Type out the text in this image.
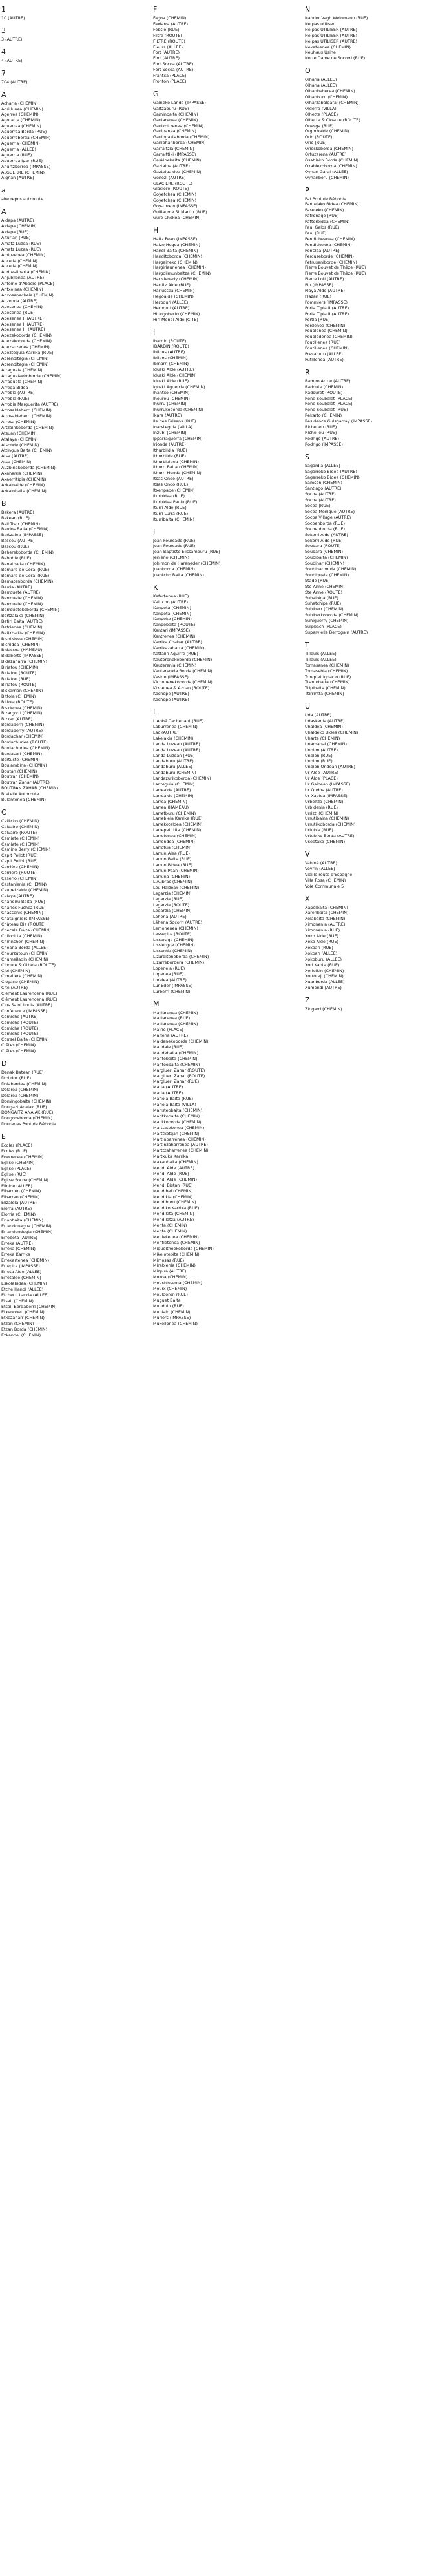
1
10 (AUTRE)
3
3 (AUTRE)
4
4 (AUTRE)
7
704 (AUTRE)
A
Acharia (CHEMIN)
Adrillunea (CHEMIN)
Agerrea (CHEMIN)
Agoratte (CHEMIN)
Aguerrea (CHEMIN)
Aguerrea Borda (RUE)
Aguerreborda (CHEMIN)
Aguerria (CHEMIN)
Aguerria (ALLEE)
Aguerria (RUE)
Aguerrea Ipar (RUE)
Ahurtzberrea (IMPASSE)
ALGUERRE (CHEMIN)
Aignan (AUTRE)
a
aire repos autoroute
A
Aldapa (AUTRE)
Aldapa (CHEMIN)
Aldapa (RUE)
Alturian (RUE)
Amatz Luzea (RUE)
Amatz Luzea (RUE)
Aminzenea (CHEMIN)
Ancelia (CHEMIN)
Ancelia (CHEMIN)
Andrestibarta (CHEMIN)
Anjubilenea (AUTRE)
Antoine d'Abadie (PLACE)
Antxoinea (CHEMIN)
Anxosenecheia (CHEMIN)
Anzonda (AUTRE)
Apesenea (CHEMIN)
Apesenea (RUE)
Apesenea II (AUTRE)
Apesenea II (AUTRE)
Apesenea III (AUTRE)
Apezekoborda (CHEMIN)
Apezekoborda (CHEMIN)
Apezsuzenea (CHEMIN)
Apezteguia Karrika (RUE)
Aprenditegia (CHEMIN)
Aprenditegia (CHEMIN)
Arraguela (CHEMIN)
Arraguelaekoborda (CHEMIN)
Arraguela (CHEMIN)
Arrega Bidea
Arrobia (AUTRE)
Arrobia (RUE)
Arrobia Marguerita (AUTRE)
Arrosaldeberri (CHEMIN)
Arrosaldeberri (CHEMIN)
Arrosa (CHEMIN)
Artzainkoborda (CHEMIN)
Atsuan (CHEMIN)
Atalaya (CHEMIN)
Atsonde (CHEMIN)
Attingua Baita (CHEMIN)
Atsa (AUTRE)
Atsa (CHEMIN)
Auzbinekoborda (CHEMIN)
Axaharria (CHEMIN)
Axaerritipia (CHEMIN)
Azkainalde (CHEMIN)
Azkainbaita (CHEMIN)
B
Bakera (AUTRE)
Bakean (RUE)
Ball Trap (CHEMIN)
Bardos Baita (CHEMIN)
Bartzalea (IMPASSE)
Bascou (AUTRE)
Bascou (RUE)
Beherekoborda (CHEMIN)
Behobie (RUE)
Benatbaita (CHEMIN)
Bernard de Coral (RUE)
Bernard de Coral (RUE)
Bernatenborda (CHEMIN)
Berria (AUTRE)
Berrouete (AUTRE)
Berrouete (CHEMIN)
Berrouete (CHEMIN)
Berrouetekoborda (CHEMIN)
Bertzalaka (CHEMIN)
Betiri Baita (AUTRE)
Betrienea (CHEMIN)
Bettrbaitta (CHEMIN)
Bichikidea (CHEMIN)
Bichidea (CHEMIN)
Bidassoa (HAMEAU)
Bidaberts (IMPASSE)
Bidezaharra (CHEMIN)
Biriatou (CHEMIN)
Biriatou (ROUTE)
Biriatou (RUE)
Biriatou (ROUTE)
Biskarrian (CHEMIN)
Bittola (CHEMIN)
Bittola (ROUTE)
Biskienea (CHEMIN)
Bizargorri (CHEMIN)
Bizkar (AUTRE)
Bordaberri (CHEMIN)
Bordaberry (AUTRE)
Bordachar (CHEMIN)
Bordachuriea (ROUTE)
Bordachuriea (CHEMIN)
Bordasuri (CHEMIN)
Bortuste (CHEMIN)
Boulambina (CHEMIN)
Boutan (CHEMIN)
Boutran (CHEMIN)
Boutran Zahar (AUTRE)
BOUTRAN ZAHAR (CHEMIN)
Bretelle Autoroute
Bulantenea (CHEMIN)
C
Calitcho (CHEMIN)
Calvaire (CHEMIN)
Calvaire (ROUTE)
Camiete (CHEMIN)
Camiete (CHEMIN)
Camino Berry (CHEMIN)
Capit Pellot (RUE)
Capit Pellot (RUE)
Carrière (CHEMIN)
Carrière (ROUTE)
Caserio (CHEMIN)
Castanienia (CHEMIN)
Caubetzalde (CHEMIN)
Celaya (AUTRE)
Chandiru Baita (RUE)
Charles Fuchez (RUE)
Chassenic (CHEMIN)
Châtaigniers (IMPASSE)
Château Dia (ROUTE)
Checale Baita (CHEMIN)
Chiloditta (CHEMIN)
Chirinchen (CHEMIN)
Choana Borda (ALLEE)
Chourzutoun (CHEMIN)
Chumeiladin (CHEMIN)
Ciboure & Othela (ROUTE)
Cibi (CHEMIN)
Cimetière (CHEMIN)
Cioyane (CHEMIN)
Cité (AUTRE)
Clément Laurencena (RUE)
Clément Laurencena (RUE)
Clos Saint Louis (AUTRE)
Conference (IMPASSE)
Corniche (AUTRE)
Corniche (ROUTE)
Corniche (ROUTE)
Corniche (ROUTE)
Corrsel Baita (CHEMIN)
Crêtes (CHEMIN)
Crêtes (CHEMIN)
D
Denak Batean (RUE)
Dibildox (RUE)
Dolaberriea (CHEMIN)
Dolarea (CHEMIN)
Dolarea (CHEMIN)
Domingobaita (CHEMIN)
Dongazt Anaiak (RUE)
DONGAITZ ANAIAK (RUE)
Dongoxeborda (CHEMIN)
Dourenes Pont de Béhobie
E
Ecoles (PLACE)
Ecoles (RUE)
Ederrenea (CHEMIN)
Eglise (CHEMIN)
Eglise (PLACE)
Eglise (RUE)
Eglise Socoa (CHEMIN)
Eliolde (ALLEE)
Elbarrien (CHEMIN)
Elbarren (CHEMIN)
Elizaldia (AUTRE)
Elorra (AUTRE)
Elorria (CHEMIN)
Erlonbaita (CHEMIN)
Errandonagua (CHEMIN)
Errandondegia (CHEMIN)
Errebeta (AUTRE)
Erreka (AUTRE)
Erreka (CHEMIN)
Erreka Karrika
Errekartenea (CHEMIN)
Errepira (IMPASSE)
Errota Alde (ALLEE)
Errotalde (CHEMIN)
Eskolabidea (CHEMIN)
Etche Handi (ALLEE)
Etcheco Landa (ALLEE)
Etsail (CHEMIN)
Etsail Bordaberri (CHEMIN)
Etxenobeti (CHEMIN)
Etxezaharr (CHEMIN)
Etzan (CHEMIN)
Etzan Borda (CHEMIN)
Ezkandel (CHEMIN)
F
Fagoa (CHEMIN)
Faxiarra (AUTRE)
Febsjo (RUE)
Filtre (ROUTE)
FILTRE (ROUTE)
Fleurs (ALLEE)
Fort (AUTRE)
Fort (AUTRE)
Fort Socoa (AUTRE)
Fort Socoa (AUTRE)
Frantxa (PLACE)
Fronton (PLACE)
G
Gaineko Landa (IMPASSE)
Galtzaburu (RUE)
Gaminbaita (CHEMIN)
Ganiarenea (CHEMIN)
Ganikoitzenea (CHEMIN)
Ganioanea (CHEMIN)
Ganiogaztaborda (CHEMIN)
Ganiohanborda (CHEMIN)
Garraitzia (CHEMIN)
Garraittiki (IMPASSE)
Gaskinebaita (CHEMIN)
Gaztaina (AUTRE)
Gaztelualdea (CHEMIN)
Genezi (AUTRE)
GLACIERE (ROUTE)
Glaciere (ROUTE)
Goyetchea (CHEMIN)
Goyetchea (CHEMIN)
Goy-Urrein (IMPASSE)
Guillaume St Martin (RUE)
Gure Chokoa (CHEMIN)
H
Haitz Pean (IMPASSE)
Haize Hegoa (CHEMIN)
Handi Baita (CHEMIN)
Handitoborda (CHEMIN)
Hargaineko (CHEMIN)
Hargiriaunenea (CHEMIN)
Hargoiimunbeltza (CHEMIN)
Harisienedy (CHEMIN)
Harritz Alde (RUE)
Harlussea (CHEMIN)
Hegoalde (CHEMIN)
Herbouri (ALLEE)
Herbouri (AUTRE)
Hiriogoberto (CHEMIN)
Hiri Mendi Alde (CITE)
I
Ibardin (ROUTE)
IBARDIN (ROUTE)
Ibildos (AUTRE)
Ibildos (CHEMIN)
Ibinarri (CHEMIN)
Iduski Alde (AUTRE)
Iduski Alde (CHEMIN)
Iduski Alde (RUE)
Iguzki Aguerria (CHEMIN)
Ihantxo (CHEMIN)
Ihourou (CHEMIN)
Ihurru (CHEMIN)
Ihurrukoborda (CHEMIN)
Ikara (AUTRE)
Ile des Faisans (RUE)
Inarsteguia (VILLA)
Inzubi (CHEMIN)
Ipparraguerra (CHEMIN)
Irionde (AUTRE)
Ithurbildia (RUE)
Ithurbilde (RUE)
Ithurbiaidea (CHEMIN)
Ithurri Baita (CHEMIN)
Ithurri Honda (CHEMIN)
Itsas Ondo (AUTRE)
Itsas Ondo (RUE)
Itxenpabe (CHEMIN)
Iturbidea (RUE)
Iturbidea Paulu (RUE)
Iturri Alde (RUE)
Iturri Lurra (RUE)
Iturribaita (CHEMIN)
J
Jean Fourcade (RUE)
Jean Fourcade (RUE)
Jean-Baptiste Elissamburu (RUE)
Jenieno (CHEMIN)
Johimon de Haraneder (CHEMIN)
Juanborda (CHEMIN)
Juantcho Balta (CHEMIN)
K
Kafertenea (RUE)
Kalitcho (AUTRE)
Kanpeta (CHEMIN)
Kanpeta (CHEMIN)
Kanpoko (CHEMIN)
Kanpobaita (ROUTE)
Kantari (IMPASSE)
Kantrenea (CHEMIN)
Karrika Chahar (AUTRE)
Karrikazaharra (CHEMIN)
Kattalin Aguirre (RUE)
Kauterenekoborda (CHEMIN)
Kauterenia (CHEMIN)
Kauterenkia Borda (CHEMIN)
Keskio (IMPASSE)
Kichonenekoborda (CHEMIN)
Kixoenea & Azuan (ROUTE)
Kochepe (AUTRE)
Kochepe (AUTRE)
L
L'Abbé Cachenaut (RUE)
Laburrenea (CHEMIN)
Lac (AUTRE)
Lakelakia (CHEMIN)
Landa Luzean (AUTRE)
Landa Luzean (AUTRE)
Landa Luzean (RUE)
Landaburu (AUTRE)
Landaburu (ALLEE)
Landaburu (CHEMIN)
Landazurikoborda (CHEMIN)
Lanteguia (CHEMIN)
Larrealde (AUTRE)
Larrealde (CHEMIN)
Larrea (CHEMIN)
Larrea (HAMEAU)
Larretburu (CHEMIN)
Larrebiela Karrika (RUE)
Larrekoteldea (CHEMIN)
Larrepetittita (CHEMIN)
Larretenea (CHEMIN)
Larrondoa (CHEMIN)
Larrotua (CHEMIN)
Larrun Alea (RUE)
Larrun Baita (RUE)
Larrun Bidea (RUE)
Larrun Pean (CHEMIN)
Larruna (CHEMIN)
L'Aubrac (CHEMIN)
Leu Haizeak (CHEMIN)
Legarzia (CHEMIN)
Legarzia (RUE)
Legarzia (ROUTE)
Legarzia (CHEMIN)
Lehena (AUTRE)
Léhena Socorri (AUTRE)
Lemonenea (CHEMIN)
Lessepite (ROUTE)
Lissaraga (CHEMIN)
Lissiergue (CHEMIN)
Lissonda (CHEMIN)
Lizarditeneborda (CHEMIN)
Lizarreborbera (CHEMIN)
Lopeneia (RUE)
Lopenea (RUE)
Lorelea (AUTRE)
Lur Eder (IMPASSE)
Lurberri (CHEMIN)
M
Maillarenea (CHEMIN)
Maillarenea (RUE)
Maillarenea (CHEMIN)
Mairie (PLACE)
Maitena (AUTRE)
Maldenekoborda (CHEMIN)
Mandale (RUE)
Mandebaita (CHEMIN)
Mantobaita (CHEMIN)
Manteobaita (CHEMIN)
Marglueri Zahar (ROUTE)
Marglueri Zahar (ROUTE)
Marglueri Zahar (RUE)
Maria (AUTRE)
Maria (AUTRE)
Mariola Baita (RUE)
Mariola Baita (VILLA)
Maristeobaita (CHEMIN)
Maritkobaita (CHEMIN)
Maritkoborda (CHEMIN)
Marttatekonea (CHEMIN)
Marttkotgan (CHEMIN)
Martinbarrenea (CHEMIN)
Martinzaharrenea (AUTRE)
Marttzaharrenea (CHEMIN)
Martxuka Karrika
Maxanbaita (CHEMIN)
Mendi Alde (AUTRE)
Mendi Alde (RUE)
Mendi Alde (CHEMIN)
Mendi Bistan (RUE)
Mendibel (CHEMIN)
Mendikia (CHEMIN)
Mendiburu (CHEMIN)
Mendiko Karrika (RUE)
Mendikita (CHEMIN)
Mendilatza (AUTRE)
Menta (CHEMIN)
Menta (CHEMIN)
Mentetenea (CHEMIN)
Mentietenea (CHEMIN)
Miguelthoekoborda (CHEMIN)
Mikelotebite (CHEMIN)
Mimosas (RUE)
Mirablenia (CHEMIN)
Mizpira (AUTRE)
Mokoa (CHEMIN)
Mouchieterna (CHEMIN)
Mourx (CHEMIN)
Mouldoron (RUE)
Muguet Baita
Munduin (RUE)
Muniain (CHEMIN)
Muriers (IMPASSE)
Muxellonea (CHEMIN)
N
Nandor Vagh Weinmann (RUE)
Ne pas utiliser
Ne pas UTILISER (AUTRE)
Ne pas UTILISER (AUTRE)
Ne pas UTILISER (AUTRE)
Nekatoenea (CHEMIN)
Neuhaus Usine
Notre Dame de Socorri (RUE)
O
Oihana (ALLEE)
Oihana (ALLEE)
Oihanbeherea (CHEMIN)
Oihanburu (CHEMIN)
Oiharzabalgarai (CHEMIN)
Oldorra (VILLA)
Olhette (PLACE)
Olhette & Closure (ROUTE)
Onesga (RUE)
Orgorbalde (CHEMIN)
Orio (ROUTE)
Orio (RUE)
Orioskoborda (CHEMIN)
Ortuzarena (AUTRE)
Osabiako Borda (CHEMIN)
Oxabiekoborda (CHEMIN)
Oyhan Garai (ALLEE)
Oyhanboru (CHEMIN)
P
Paf Pont de Béhobie
Pantelako Bidea (CHEMIN)
Paseleku (CHEMIN)
Patronage (RUE)
Patterbidea (CHEMIN)
Paul Gelos (RUE)
Paul (RUE)
Pendicheenea (CHEMIN)
Pendichekoa (CHEMIN)
Pentzea (AUTRE)
Percuseborde (CHEMIN)
Petruseniborde (CHEMIN)
Pierre Bouvet de Thèze (RUE)
Pierre Bouvet de Thèze (RUE)
Pierre Loti (AUTRE)
Pin (IMPASSE)
Playa Alde (AUTRE)
Plazan (RUE)
Pommiers (IMPASSE)
Porta Tipia II (AUTRE)
Porta Tipia II (AUTRE)
Portia (RUE)
Pordenea (CHEMIN)
Poublenea (CHEMIN)
Poubledenea (CHEMIN)
Poutillenea (RUE)
Poutillenea (CHEMIN)
Presaburu (ALLEE)
Putillenea (AUTRE)
R
Ramiro Arrue (AUTRE)
Radoute (CHEMIN)
Radouret (ROUTE)
René Soubelet (PLACE)
René Soubelet (PLACE)
René Soubelet (RUE)
Rekarto (CHEMIN)
Résidence Gulsgarray (IMPASSE)
Richelieu (RUE)
Richelieu (RUE)
Rodrigo (AUTRE)
Rodrigo (IMPASSE)
S
Sagardia (ALLEE)
Sagarreko Bidea (AUTRE)
Sagarreko Bidea (CHEMIN)
Samson (CHEMIN)
Santiago (AUTRE)
Socoa (AUTRE)
Socoa (AUTRE)
Socoa (RUE)
Socoa Monique (AUTRE)
Socoa Village (AUTRE)
Socoenborda (RUE)
Socoenborda (RUE)
Sokorri Alde (AUTRE)
Sokorri Alde (RUE)
Soubara (ROUTE)
Soubara (CHEMIN)
Soubibaita (CHEMIN)
Soubihar (CHEMIN)
Soubiharborda (CHEMIN)
Soubiguele (CHEMIN)
Stade (RUE)
Ste Anne (CHEMIN)
Ste Anne (ROUTE)
Suhalbiga (RUE)
Suhatchipe (RUE)
Suhiberr (CHEMIN)
Suhiberkoborda (CHEMIN)
Suhiguerry (CHEMIN)
Sulpbach (PLACE)
Supervielle Berrogain (AUTRE)
T
Tilleuls (ALLEE)
Tilleuls (ALLEE)
Tomasenea (CHEMIN)
Tomasebia (CHEMIN)
Trinquet Ignacio (RUE)
Ttantobaita (CHEMIN)
Ttipibaita (CHEMIN)
Ttirrintta (CHEMIN)
U
Uda (AUTRE)
Udaskenia (AUTRE)
Uhaldea (CHEMIN)
Uhaldeko Bidea (CHEMIN)
Uharte (CHEMIN)
Unamanal (CHEMIN)
Unbion (AUTRE)
Unbion (RUE)
Unbion (RUE)
Unbion Ondoan (AUTRE)
Ur Alde (AUTRE)
Ur Alde (PLACE)
Ur Gainean (IMPASSE)
Ur Ondoa (AUTRE)
Ur Xabiea (IMPASSE)
Urbeltza (CHEMIN)
Urbidenia (RUE)
Urrizti (CHEMIN)
Urrutibaina (CHEMIN)
Urrutiikoborda (CHEMIN)
Urtubie (RUE)
Urtubiko Borda (AUTRE)
Useetako (CHEMIN)
V
Vahiné (AUTRE)
Veyrin (ALLEE)
Vieille route d'Espagne
Villa Rosa (CHEMIN)
Voie Communale 5
X
Xapelbaita (CHEMIN)
Xarenbaita (CHEMIN)
Xelabaita (CHEMIN)
Ximonenia (AUTRE)
Ximonenia (RUE)
Xoko Alde (RUE)
Xoko Alde (RUE)
Xokoan (RUE)
Xokoan (ALLEE)
Xokoburu (ALLEE)
Xori Kanta (RUE)
Xorieikin (CHEMIN)
Xorroteji (CHEMIN)
Xuanborda (ALLEE)
Xumendi (AUTRE)
Z
Zingarri (CHEMIN)
